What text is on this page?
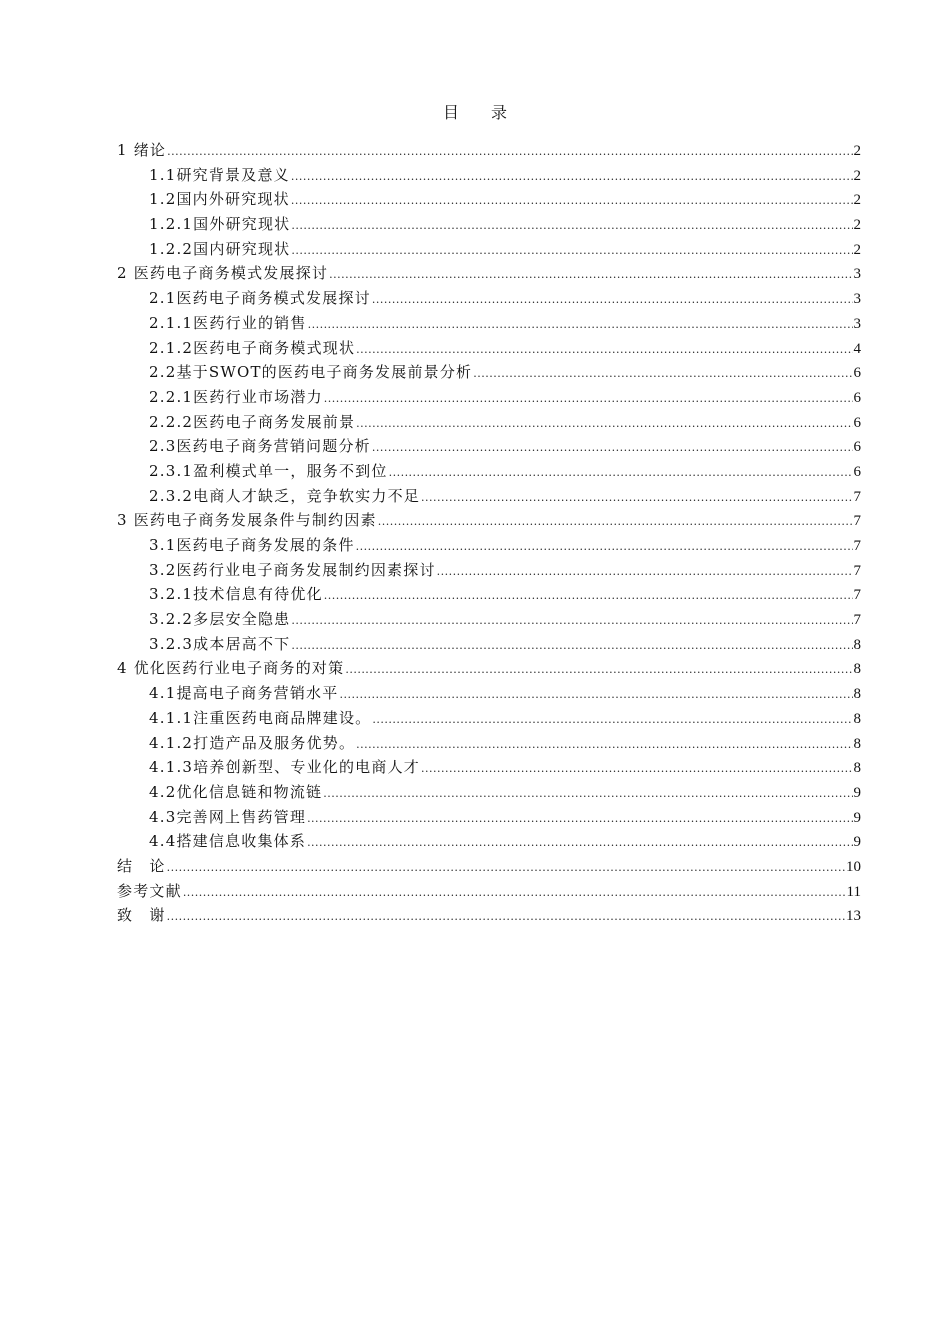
目　　录
1 绪论 .....	2
1.1研究背景及意义 .....	2
1.2国内外研究现状 .....	2
1.2.1国外研究现状 .....	2
1.2.2国内研究现状 .....	2
2 医药电子商务模式发展探讨 .....	3
2.1医药电子商务模式发展探讨 .....	3
2.1.1医药行业的销售 .....	3
2.1.2医药电子商务模式现状 .....	4
2.2基于SWOT的医药电子商务发展前景分析 .....	6
2.2.1医药行业市场潜力 .....	6
2.2.2医药电子商务发展前景 .....	6
2.3医药电子商务营销问题分析 .....	6
2.3.1盈利模式单一，服务不到位 .....	6
2.3.2电商人才缺乏，竞争软实力不足 .....	7
3 医药电子商务发展条件与制约因素 .....	7
3.1医药电子商务发展的条件 .....	7
3.2医药行业电子商务发展制约因素探讨 .....	7
3.2.1技术信息有待优化 .....	7
3.2.2多层安全隐患 .....	7
3.2.3成本居高不下 .....	8
4 优化医药行业电子商务的对策 .....	8
4.1提高电子商务营销水平 .....	8
4.1.1注重医药电商品牌建设。 .....	8
4.1.2打造产品及服务优势。 .....	8
4.1.3培养创新型、专业化的电商人才 .....	8
4.2优化信息链和物流链 .....	9
4.3完善网上售药管理 .....	9
4.4搭建信息收集体系 .....	9
结　论 .....	10
参考文献 .....	11
致　谢 .....	13
